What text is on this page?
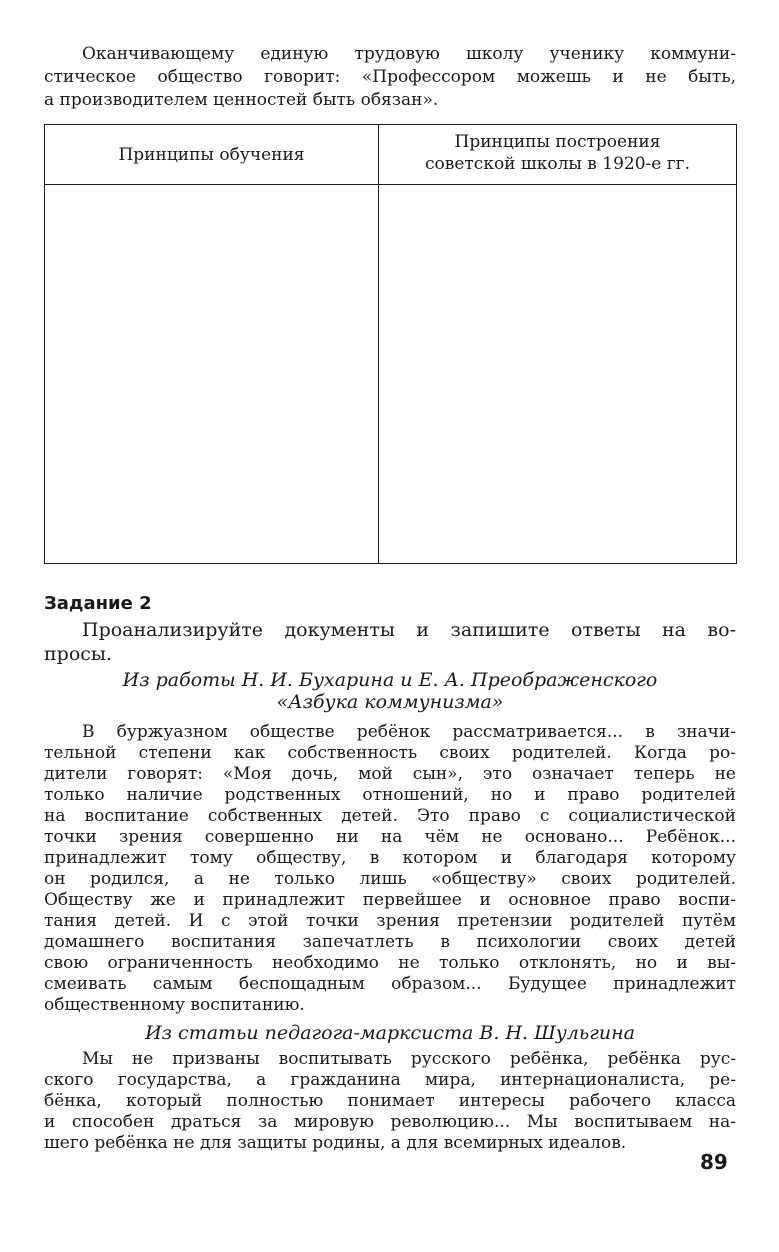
Оканчивающему единую трудовую школу ученику коммуни-
стическое общество говорит: «Профессором можешь и не быть,
а производителем ценностей быть обязан».
Принципы обучения
Принципы построения
советской школы в 1920-е гг.
Задание 2
Проанализируйте документы и запишите ответы на во-
просы.
Из работы Н. И. Бухарина и Е. А. Преображенского
«Азбука коммунизма»
В буржуазном обществе ребёнок рассматривается... в значи-
тельной степени как собственность своих родителей. Когда ро-
дители говорят: «Моя дочь, мой сын», это означает теперь не
только наличие родственных отношений, но и право родителей
на воспитание собственных детей. Это право с социалистической
точки зрения совершенно ни на чём не основано... Ребёнок...
принадлежит тому обществу, в котором и благодаря которому
он родился, а не только лишь «обществу» своих родителей.
Обществу же и принадлежит первейшее и основное право воспи-
тания детей. И с этой точки зрения претензии родителей путём
домашнего воспитания запечатлеть в психологии своих детей
свою ограниченность необходимо не только отклонять, но и вы-
смеивать самым беспощадным образом... Будущее принадлежит
общественному воспитанию.
Из статьи педагога-марксиста В. Н. Шульгина
Мы не призваны воспитывать русского ребёнка, ребёнка рус-
ского государства, а гражданина мира, интернационалиста, ре-
бёнка, который полностью понимает интересы рабочего класса
и способен драться за мировую революцию... Мы воспитываем на-
шего ребёнка не для защиты родины, а для всемирных идеалов.
89
